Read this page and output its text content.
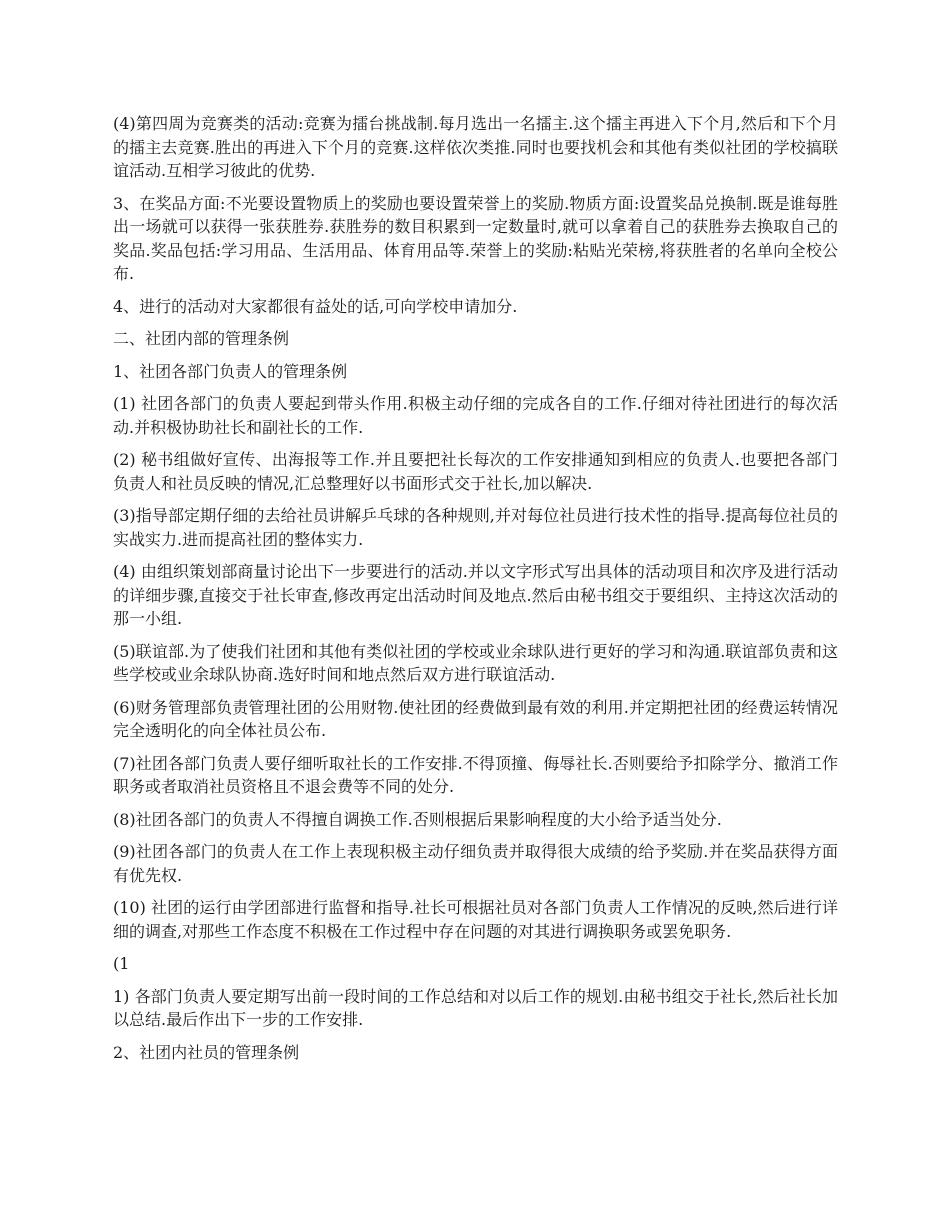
(4)第四周为竞赛类的活动:竞赛为擂台挑战制.每月选出一名擂主.这个擂主再进入下个月,然后和下个月的擂主去竞赛.胜出的再进入下个月的竞赛.这样依次类推.同时也要找机会和其他有类似社团的学校搞联谊活动.互相学习彼此的优势.

3、在奖品方面:不光要设置物质上的奖励也要设置荣誉上的奖励.物质方面:设置奖品兑换制.既是谁每胜出一场就可以获得一张获胜券.获胜券的数目积累到一定数量时,就可以拿着自己的获胜券去换取自己的奖品.奖品包括:学习用品、生活用品、体育用品等.荣誉上的奖励:粘贴光荣榜,将获胜者的名单向全校公布.

4、进行的活动对大家都很有益处的话,可向学校申请加分.

二、社团内部的管理条例

1、社团各部门负责人的管理条例

(1) 社团各部门的负责人要起到带头作用.积极主动仔细的完成各自的工作.仔细对待社团进行的每次活动.并积极协助社长和副社长的工作.

(2) 秘书组做好宣传、出海报等工作.并且要把社长每次的工作安排通知到相应的负责人.也要把各部门负责人和社员反映的情况,汇总整理好以书面形式交于社长,加以解决.

(3)指导部定期仔细的去给社员讲解乒乓球的各种规则,并对每位社员进行技术性的指导.提高每位社员的实战实力.进而提高社团的整体实力.

(4) 由组织策划部商量讨论出下一步要进行的活动.并以文字形式写出具体的活动项目和次序及进行活动的详细步骤,直接交于社长审查,修改再定出活动时间及地点.然后由秘书组交于要组织、主持这次活动的那一小组.

(5)联谊部.为了使我们社团和其他有类似社团的学校或业余球队进行更好的学习和沟通.联谊部负责和这些学校或业余球队协商.选好时间和地点然后双方进行联谊活动.

(6)财务管理部负责管理社团的公用财物.使社团的经费做到最有效的利用.并定期把社团的经费运转情况完全透明化的向全体社员公布.

(7)社团各部门负责人要仔细听取社长的工作安排.不得顶撞、侮辱社长.否则要给予扣除学分、撤消工作职务或者取消社员资格且不退会费等不同的处分.

(8)社团各部门的负责人不得擅自调换工作.否则根据后果影响程度的大小给予适当处分.

(9)社团各部门的负责人在工作上表现积极主动仔细负责并取得很大成绩的给予奖励.并在奖品获得方面有优先权.

(10) 社团的运行由学团部进行监督和指导.社长可根据社员对各部门负责人工作情况的反映,然后进行详细的调查,对那些工作态度不积极在工作过程中存在问题的对其进行调换职务或罢免职务.

(1

1) 各部门负责人要定期写出前一段时间的工作总结和对以后工作的规划.由秘书组交于社长,然后社长加以总结.最后作出下一步的工作安排.

2、社团内社员的管理条例
